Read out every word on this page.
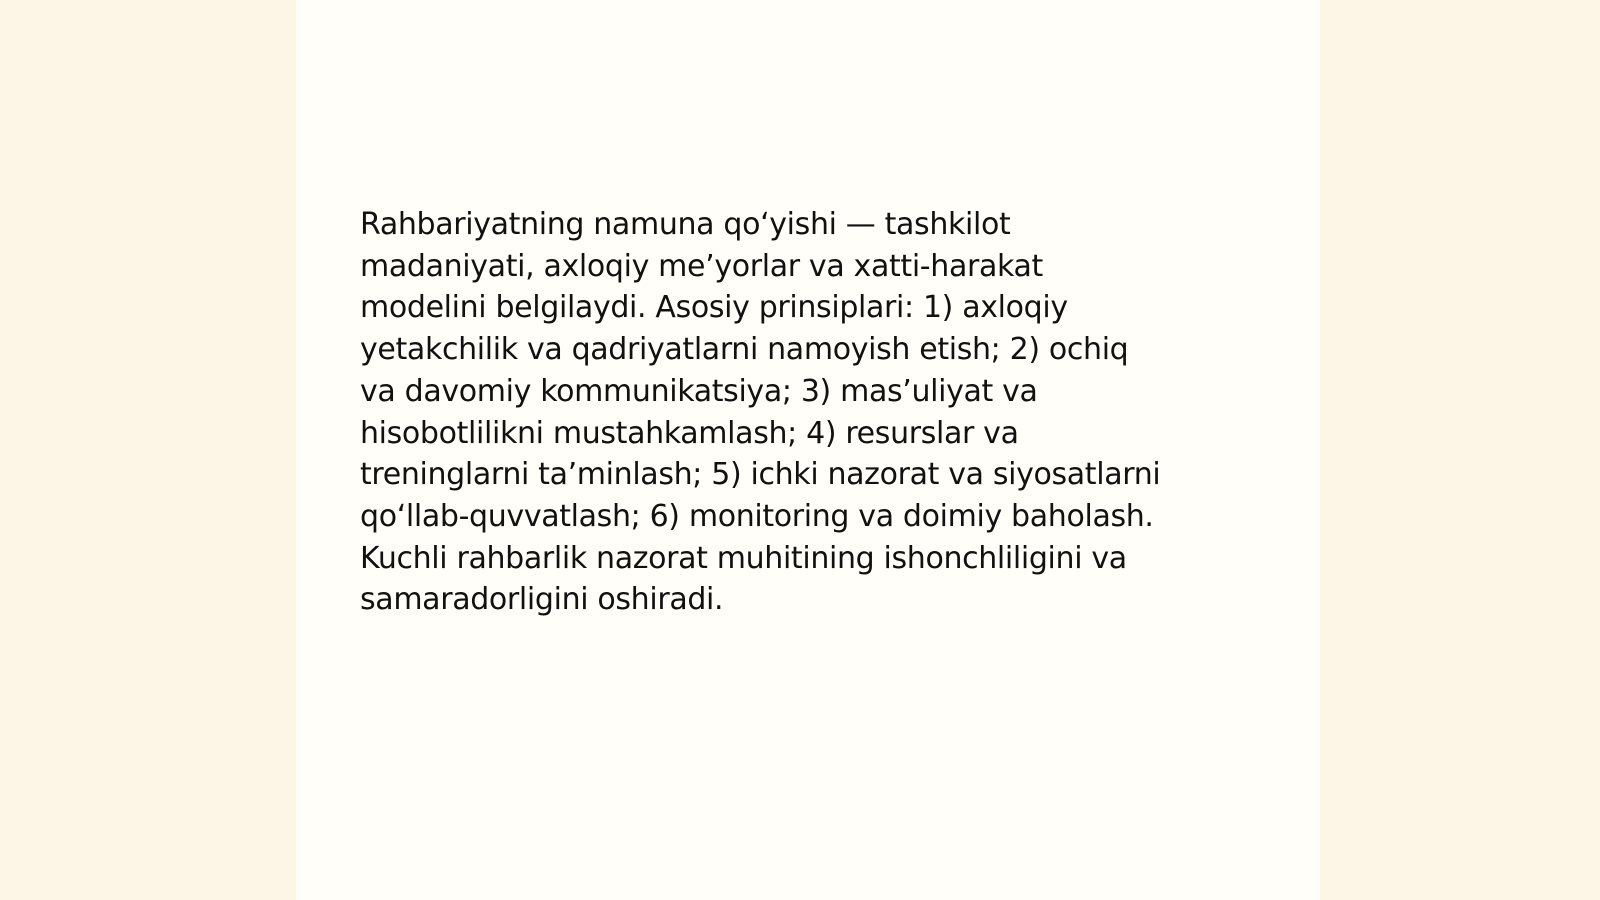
Rahbariyatning namuna qo‘yishi — tashkilot
madaniyati, axloqiy me’yorlar va xatti-harakat
modelini belgilaydi. Asosiy prinsiplari: 1) axloqiy
yetakchilik va qadriyatlarni namoyish etish; 2) ochiq
va davomiy kommunikatsiya; 3) mas’uliyat va
hisobotlilikni mustahkamlash; 4) resurslar va
treninglarni ta’minlash; 5) ichki nazorat va siyosatlarni
qo‘llab-quvvatlash; 6) monitoring va doimiy baholash.
Kuchli rahbarlik nazorat muhitining ishonchliligini va
samaradorligini oshiradi.
